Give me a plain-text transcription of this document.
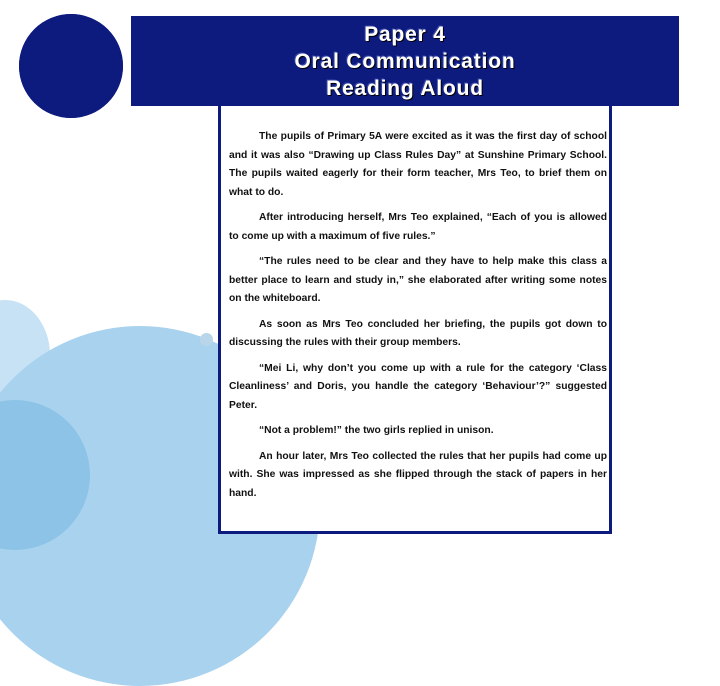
Paper 4
Oral Communication
Reading Aloud

The pupils of Primary 5A were excited as it was the first day of school and it was also “Drawing up Class Rules Day” at Sunshine Primary School. The pupils waited eagerly for their form teacher, Mrs Teo, to brief them on what to do.

After introducing herself, Mrs Teo explained, “Each of you is allowed to come up with a maximum of five rules.”

“The rules need to be clear and they have to help make this class a better place to learn and study in,” she elaborated after writing some notes on the whiteboard.

As soon as Mrs Teo concluded her briefing, the pupils got down to discussing the rules with their group members.

“Mei Li, why don’t you come up with a rule for the category ‘Class Cleanliness’ and Doris, you handle the category ‘Behaviour’?” suggested Peter.

“Not a problem!” the two girls replied in unison.

An hour later, Mrs Teo collected the rules that her pupils had come up with. She was impressed as she flipped through the stack of papers in her hand.
